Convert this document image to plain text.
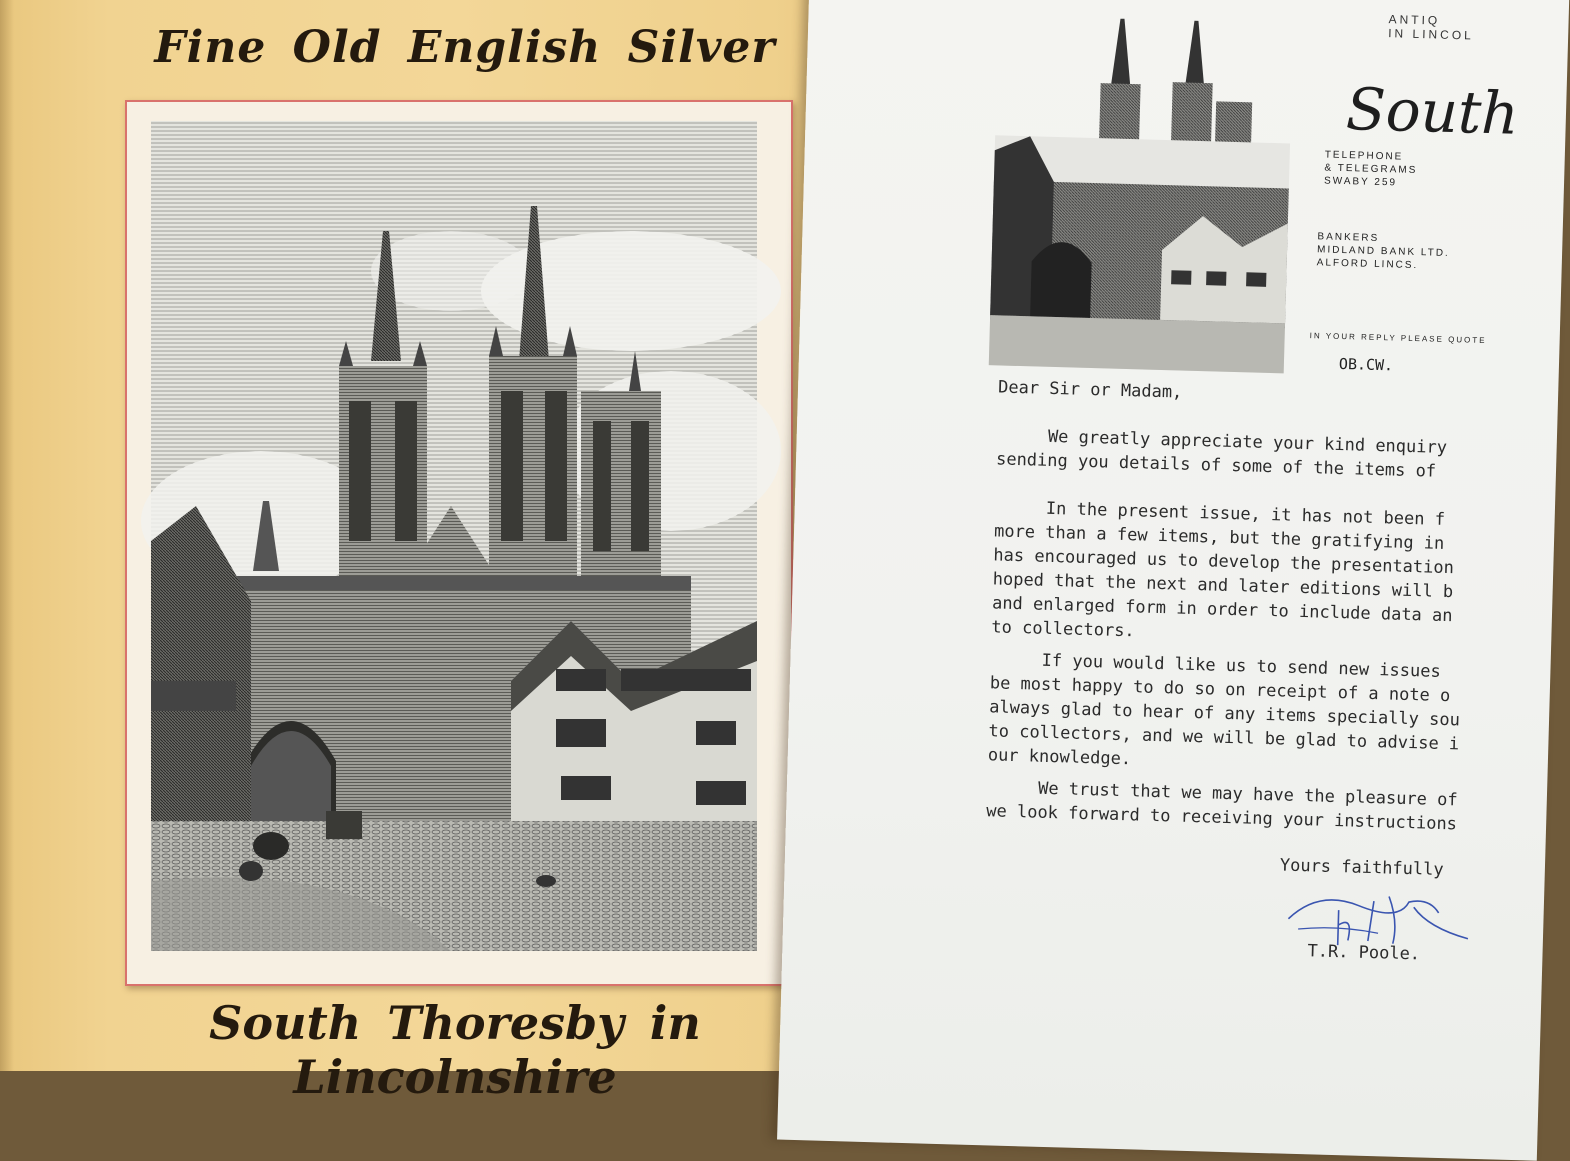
Fine Old English Silver
South Thoresby in Lincolnshire
ANTIQ
IN LINCOL
South
TELEPHONE
& TELEGRAMS
SWABY 259
BANKERS
MIDLAND BANK LTD.
ALFORD LINCS.
IN YOUR REPLY PLEASE QUOTE
OB.CW.
Dear Sir or Madam,
We greatly appreciate your kind enquiry
sending you details of some of the items of
In the present issue, it has not been f
more than a few items, but the gratifying in
has encouraged us to develop the presentation
hoped that the next and later editions will b
and enlarged form in order to include data an
to collectors.
If you would like us to send new issues
be most happy to do so on receipt of a note o
always glad to hear of any items specially sou
to collectors, and we will be glad to advise i
our knowledge.
We trust that we may have the pleasure of
we look forward to receiving your instructions
Yours faithfully
T.R. Poole.
